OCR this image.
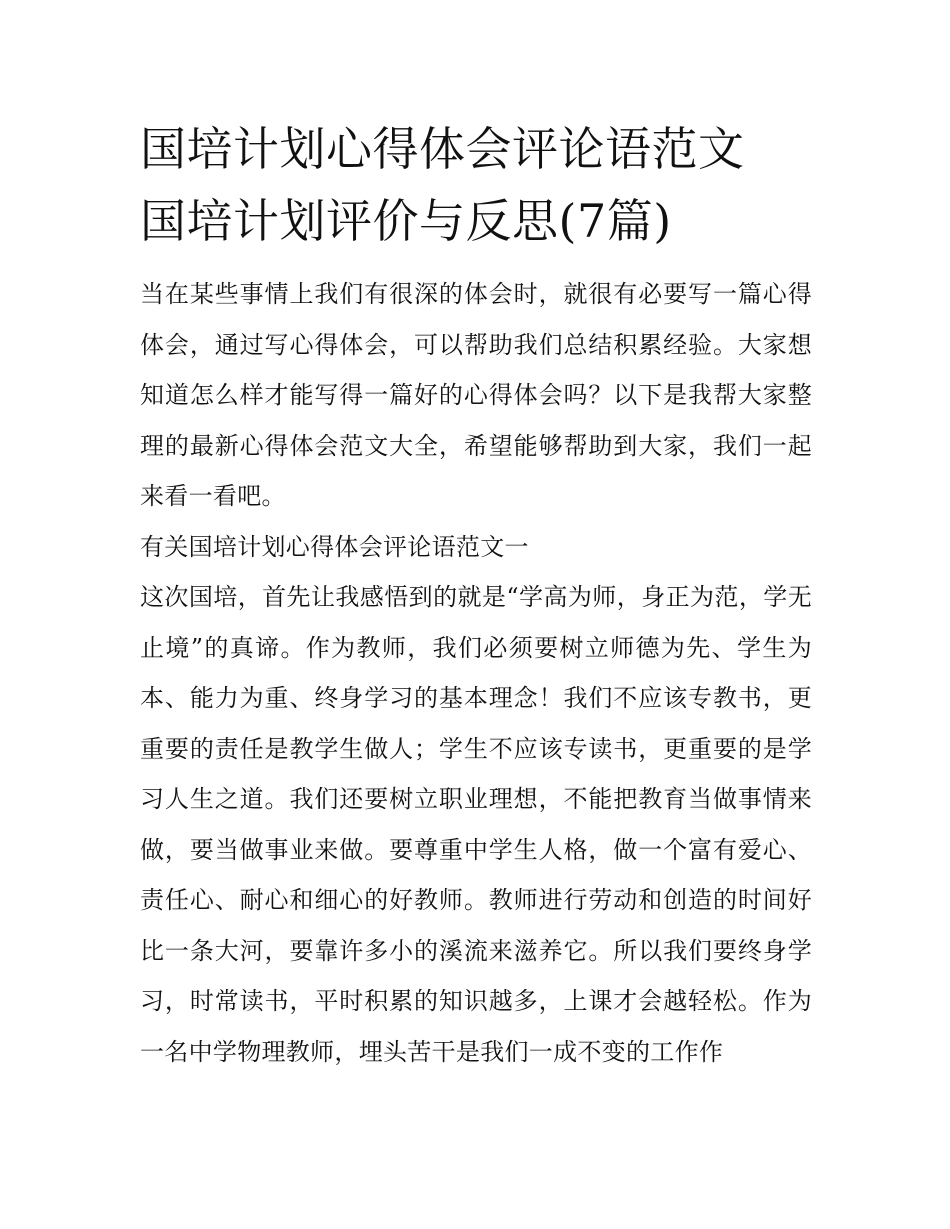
国培计划心得体会评论语范文
国培计划评价与反思(7篇)

当在某些事情上我们有很深的体会时，就很有必要写一篇心得体会，通过写心得体会，可以帮助我们总结积累经验。大家想知道怎么样才能写得一篇好的心得体会吗？以下是我帮大家整理的最新心得体会范文大全，希望能够帮助到大家，我们一起来看一看吧。

有关国培计划心得体会评论语范文一

这次国培，首先让我感悟到的就是“学高为师，身正为范，学无止境”的真谛。作为教师，我们必须要树立师德为先、学生为本、能力为重、终身学习的基本理念！我们不应该专教书，更重要的责任是教学生做人；学生不应该专读书，更重要的是学习人生之道。我们还要树立职业理想，不能把教育当做事情来做，要当做事业来做。要尊重中学生人格，做一个富有爱心、责任心、耐心和细心的好教师。教师进行劳动和创造的时间好比一条大河，要靠许多小的溪流来滋养它。所以我们要终身学习，时常读书，平时积累的知识越多，上课才会越轻松。作为一名中学物理教师，埋头苦干是我们一成不变的工作作
